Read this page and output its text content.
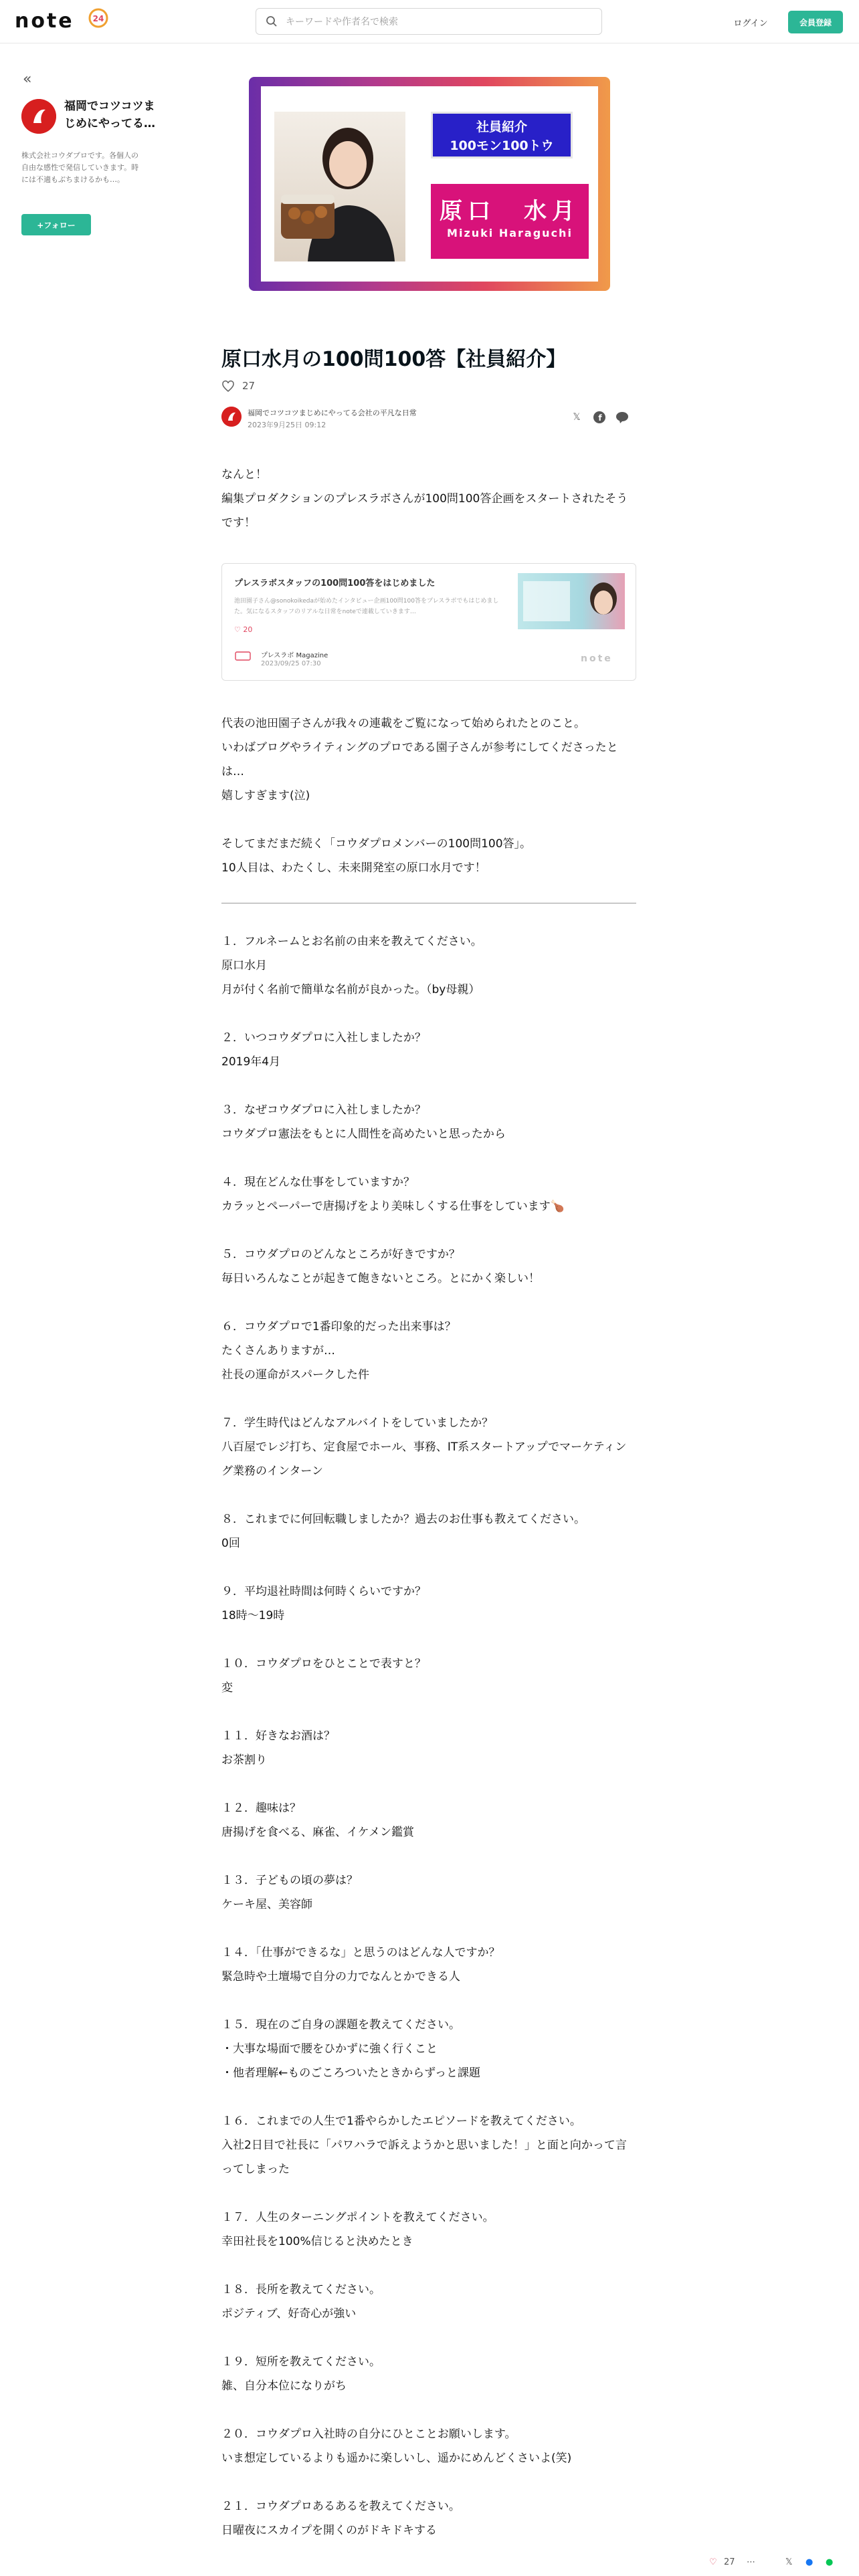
note 24
キーワードや作者名で検索	ログイン	会員登録
«
福岡でコツコツまじめにやってる…
株式会社コウダプロです。各個人の自由な感性で発信していきます。時には不適もぶちまけるかも…。
+フォロー
社員紹介
100モン100トウ
原口　水月
Mizuki Haraguchi
原口水月の100問100答【社員紹介】
27
福岡でコツコツまじめにやってる会社の平凡な日常
2023年9月25日 09:12
𝕏	f

なんと！

編集プロダクションのプレスラボさんが100問100答企画をスタートされたそうです！

プレスラボスタッフの100問100答をはじめました
池田園子さん@sonokoikedaが始めたインタビュー企画100問100答をプレスラボでもはじめました。気になるスタッフのリアルな日常をnoteで連載していきます…
♡ 20
プレスラボ Magazine
2023/09/25 07:30	note

代表の池田園子さんが我々の連載をご覧になって始められたとのこと。

いわばブログやライティングのプロである園子さんが参考にしてくださったとは…

嬉しすぎます(泣)

そしてまだまだ続く「コウダプロメンバーの100問100答」。

10人目は、わたくし、未来開発室の原口水月です！

１．フルネームとお名前の由来を教えてください。

原口水月

月が付く名前で簡単な名前が良かった。（by母親）

２．いつコウダプロに入社しましたか？

2019年4月

３．なぜコウダプロに入社しましたか？

コウダプロ憲法をもとに人間性を高めたいと思ったから

４．現在どんな仕事をしていますか？

カラッとペーパーで唐揚げをより美味しくする仕事をしています🍗

５．コウダプロのどんなところが好きですか？

毎日いろんなことが起きて飽きないところ。とにかく楽しい！

６．コウダプロで1番印象的だった出来事は？

たくさんありますが…

社長の運命がスパークした件

７．学生時代はどんなアルバイトをしていましたか？

八百屋でレジ打ち、定食屋でホール、事務、IT系スタートアップでマーケティング業務のインターン

８．これまでに何回転職しましたか？過去のお仕事も教えてください。

0回

９．平均退社時間は何時くらいですか？

18時〜19時

１０．コウダプロをひとことで表すと？

変

１１．好きなお酒は？

お茶割り

１２．趣味は？

唐揚げを食べる、麻雀、イケメン鑑賞

１３．子どもの頃の夢は？

ケーキ屋、美容師

１４．「仕事ができるな」と思うのはどんな人ですか？

緊急時や土壇場で自分の力でなんとかできる人

１５．現在のご自身の課題を教えてください。

・大事な場面で腰をひかずに強く行くこと

・他者理解←ものごころついたときからずっと課題

１６．これまでの人生で1番やらかしたエピソードを教えてください。

入社2日目で社長に「パワハラで訴えようかと思いました！」と面と向かって言ってしまった

１７．人生のターニングポイントを教えてください。

幸田社長を100%信じると決めたとき

１８．長所を教えてください。

ポジティブ、好奇心が強い

１９．短所を教えてください。

雑、自分本位になりがち

２０．コウダプロ入社時の自分にひとことお願いします。

いま想定しているよりも遥かに楽しいし、遥かにめんどくさいよ(笑)

２１．コウダプロあるあるを教えてください。

日曜夜にスカイプを開くのがドキドキする

♡ 27 ⋯	𝕏 ● ●
